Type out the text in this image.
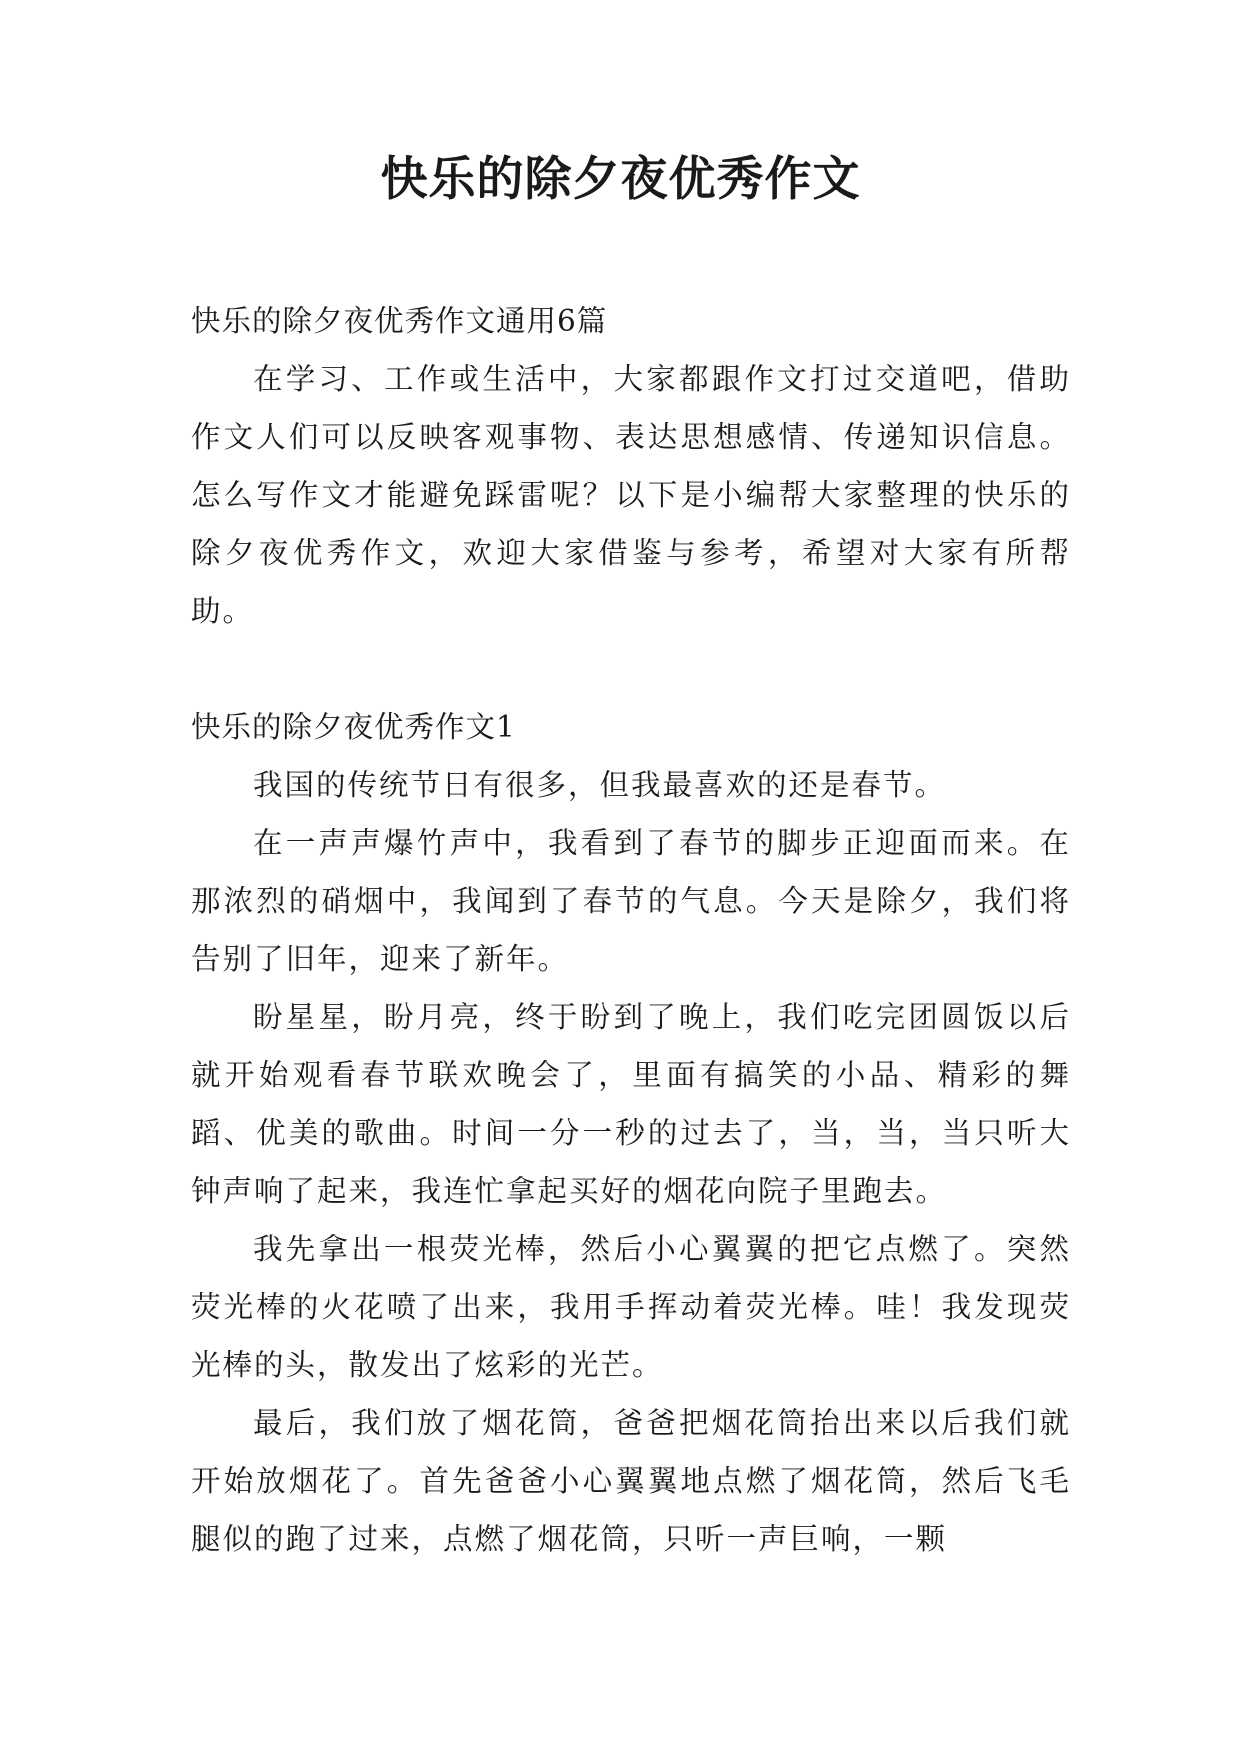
快乐的除夕夜优秀作文

快乐的除夕夜优秀作文通用6篇

在学习、工作或生活中，大家都跟作文打过交道吧，借助作文人们可以反映客观事物、表达思想感情、传递知识信息。怎么写作文才能避免踩雷呢？以下是小编帮大家整理的快乐的除夕夜优秀作文，欢迎大家借鉴与参考，希望对大家有所帮助。

快乐的除夕夜优秀作文1

我国的传统节日有很多，但我最喜欢的还是春节。

在一声声爆竹声中，我看到了春节的脚步正迎面而来。在那浓烈的硝烟中，我闻到了春节的气息。今天是除夕，我们将告别了旧年，迎来了新年。

盼星星，盼月亮，终于盼到了晚上，我们吃完团圆饭以后就开始观看春节联欢晚会了，里面有搞笑的小品、精彩的舞蹈、优美的歌曲。时间一分一秒的过去了，当，当，当只听大钟声响了起来，我连忙拿起买好的烟花向院子里跑去。

我先拿出一根荧光棒，然后小心翼翼的把它点燃了。突然荧光棒的火花喷了出来，我用手挥动着荧光棒。哇！我发现荧光棒的头，散发出了炫彩的光芒。

最后，我们放了烟花筒，爸爸把烟花筒抬出来以后我们就开始放烟花了。首先爸爸小心翼翼地点燃了烟花筒，然后飞毛腿似的跑了过来，点燃了烟花筒，只听一声巨响，一颗
